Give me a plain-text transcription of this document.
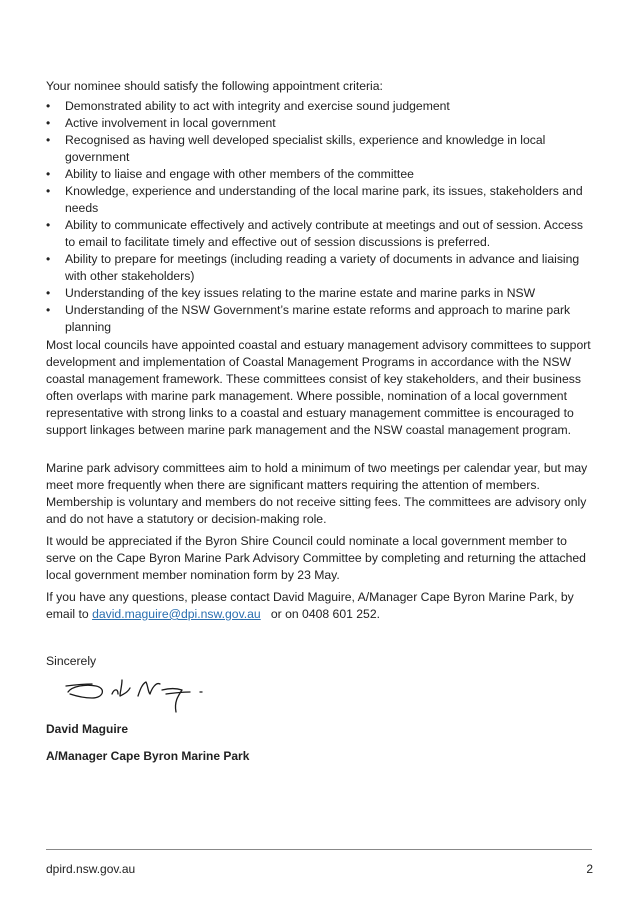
Your nominee should satisfy the following appointment criteria:

• Demonstrated ability to act with integrity and exercise sound judgement
• Active involvement in local government
• Recognised as having well developed specialist skills, experience and knowledge in local government
• Ability to liaise and engage with other members of the committee
• Knowledge, experience and understanding of the local marine park, its issues, stakeholders and needs
• Ability to communicate effectively and actively contribute at meetings and out of session. Access to email to facilitate timely and effective out of session discussions is preferred.
• Ability to prepare for meetings (including reading a variety of documents in advance and liaising with other stakeholders)
• Understanding of the key issues relating to the marine estate and marine parks in NSW
• Understanding of the NSW Government’s marine estate reforms and approach to marine park planning

Most local councils have appointed coastal and estuary management advisory committees to support development and implementation of Coastal Management Programs in accordance with the NSW coastal management framework. These committees consist of key stakeholders, and their business often overlaps with marine park management. Where possible, nomination of a local government representative with strong links to a coastal and estuary management committee is encouraged to support linkages between marine park management and the NSW coastal management program.

Marine park advisory committees aim to hold a minimum of two meetings per calendar year, but may meet more frequently when there are significant matters requiring the attention of members. Membership is voluntary and members do not receive sitting fees. The committees are advisory only and do not have a statutory or decision-making role.

It would be appreciated if the Byron Shire Council could nominate a local government member to serve on the Cape Byron Marine Park Advisory Committee by completing and returning the attached local government member nomination form by 23 May.

If you have any questions, please contact David Maguire, A/Manager Cape Byron Marine Park, by email to david.maguire@dpi.nsw.gov.au   or on 0408 601 252.

Sincerely

David Maguire
A/Manager Cape Byron Marine Park
dpird.nsw.gov.au	2
